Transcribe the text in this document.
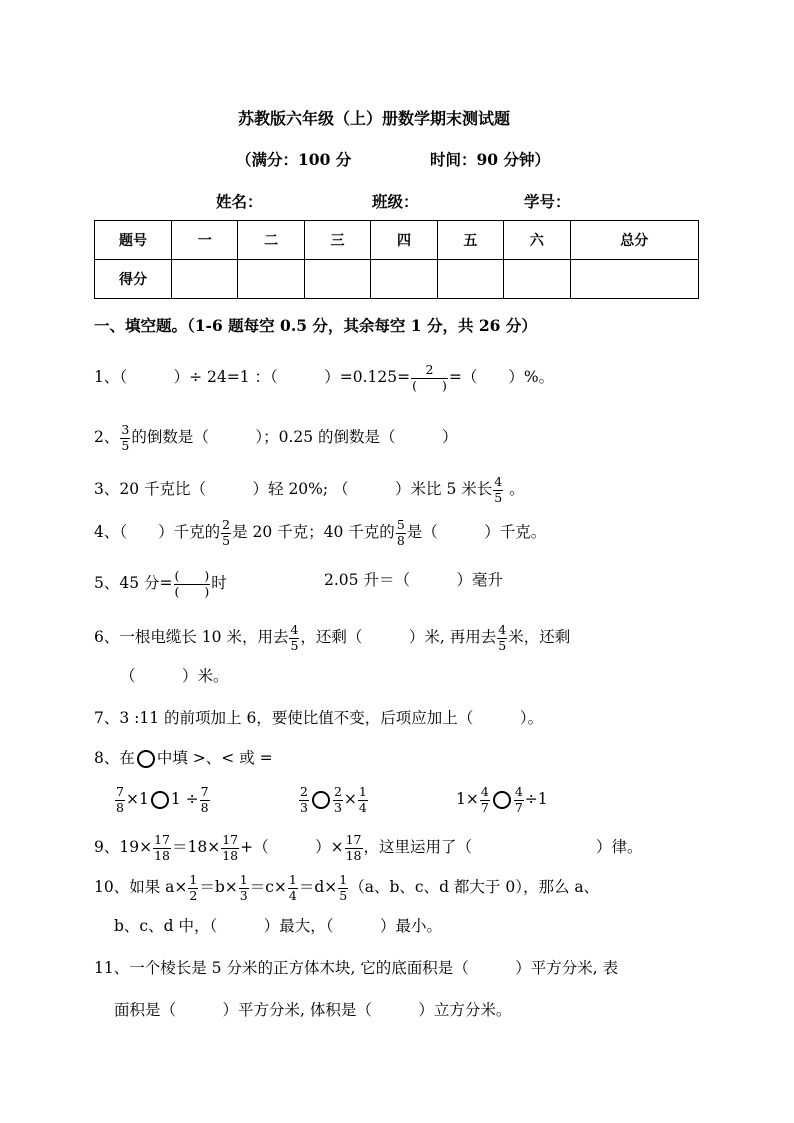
苏教版六年级（上）册数学期末测试题
（满分：100 分	时间：90 分钟）
姓名：	班级：	学号：
题号	一	二	三	四	五	六	总分
得分							
一、填空题。（1-6 题每空 0.5 分，其余每空 1 分，共 26 分）
1、（　　　）÷ 24=1 ：（　　　）=0.125=	2
(　　) =（　　）%。
2、 $\frac{3}{5}$ 的倒数是（　　　）；0.25 的倒数是（　　　）
3、20 千克比（　　　）轻 20%; （　　　）米比 5 米长 $\frac{4}{5}$ 。
4、（　　）千克的 $\frac{2}{5}$ 是 20 千克；40 千克的 $\frac{5}{8}$ 是（　　　）千克。
5、45 分= (　　)
(　　) 时	2.05 升＝（　　　）毫升
6、一根电缆长 10 米，用去 $\frac{4}{5}$ ，还剩（　　　）米, 再用去 $\frac{4}{5}$ 米，还剩
（　　　）米。
7、3 :11 的前项加上 6，要使比值不变，后项应加上（　　　）。
8、在 中填 >、< 或 =
$\frac{7}{8} \times 1$ $1 \div \frac{7}{8}$	$\frac{2}{3} \frac{2}{3} \times \frac{1}{4}$	$1\times \frac{4}{7} \frac{4}{7} \div 1$
9、$19\times \frac{17}{18} =18\times \frac{17}{18}$ +（　　　）× $\frac{17}{18}$ ，这里运用了（　　　　　　　　）律。
10、如果 $a\times \frac{1}{2} =b\times \frac{1}{3} =c\times \frac{1}{4} =d\times \frac{1}{5} (a$、b、c、d 都大于 0），那么 a、
b、c、d 中，（　　　）最大，（　　　）最小。
11、一个棱长是 5 分米的正方体木块, 它的底面积是（　　　）平方分米, 表
面积是（　　　）平方分米, 体积是（　　　）立方分米。
